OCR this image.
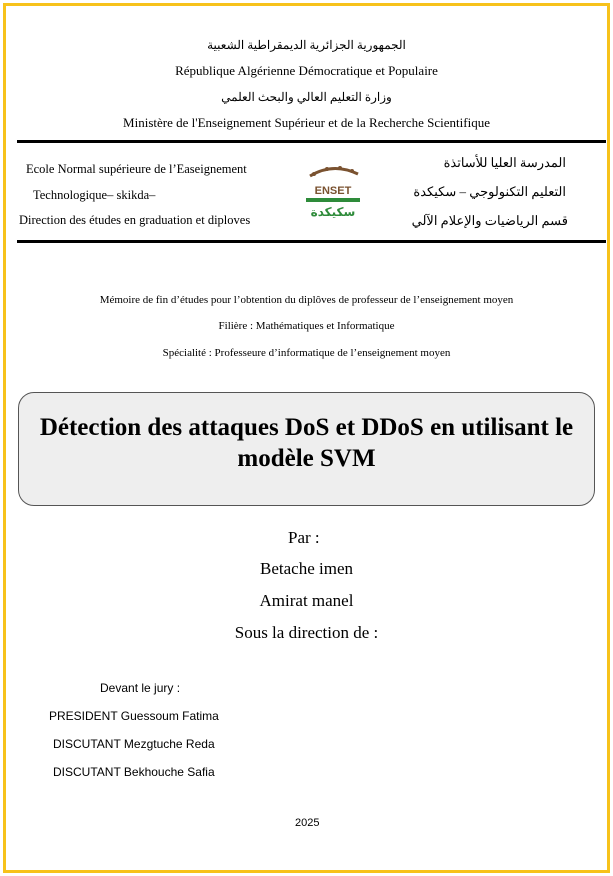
الجمهورية الجزائرية الديمقراطية الشعبية
République Algérienne Démocratique et Populaire
وزارة التعليم العالي والبحث العلمي
Ministère de l'Enseignement Supérieur et de la Recherche Scientifique
Ecole Normal supérieure de l’Easeignement
Technologique– skikda–
Direction des études en graduation et diploves
المدرسة العليا للأساتذة
التعليم التكنولوجي – سكيكدة
قسم الرياضيات والإعلام الآلي
ENSET
سكيكدة
Mémoire de fin d’études pour l’obtention du diplôves de professeur de l’enseignement moyen
Filière : Mathématiques et Informatique
Spécialité : Professeure d’informatique de l’enseignement moyen
Détection des attaques DoS et DDoS en utilisant le modèle SVM
Par :
Betache imen
Amirat manel
Sous la direction de :
Devant le jury :
PRESIDENT Guessoum Fatima
DISCUTANT Mezgtuche Reda
DISCUTANT Bekhouche Safia
2025
